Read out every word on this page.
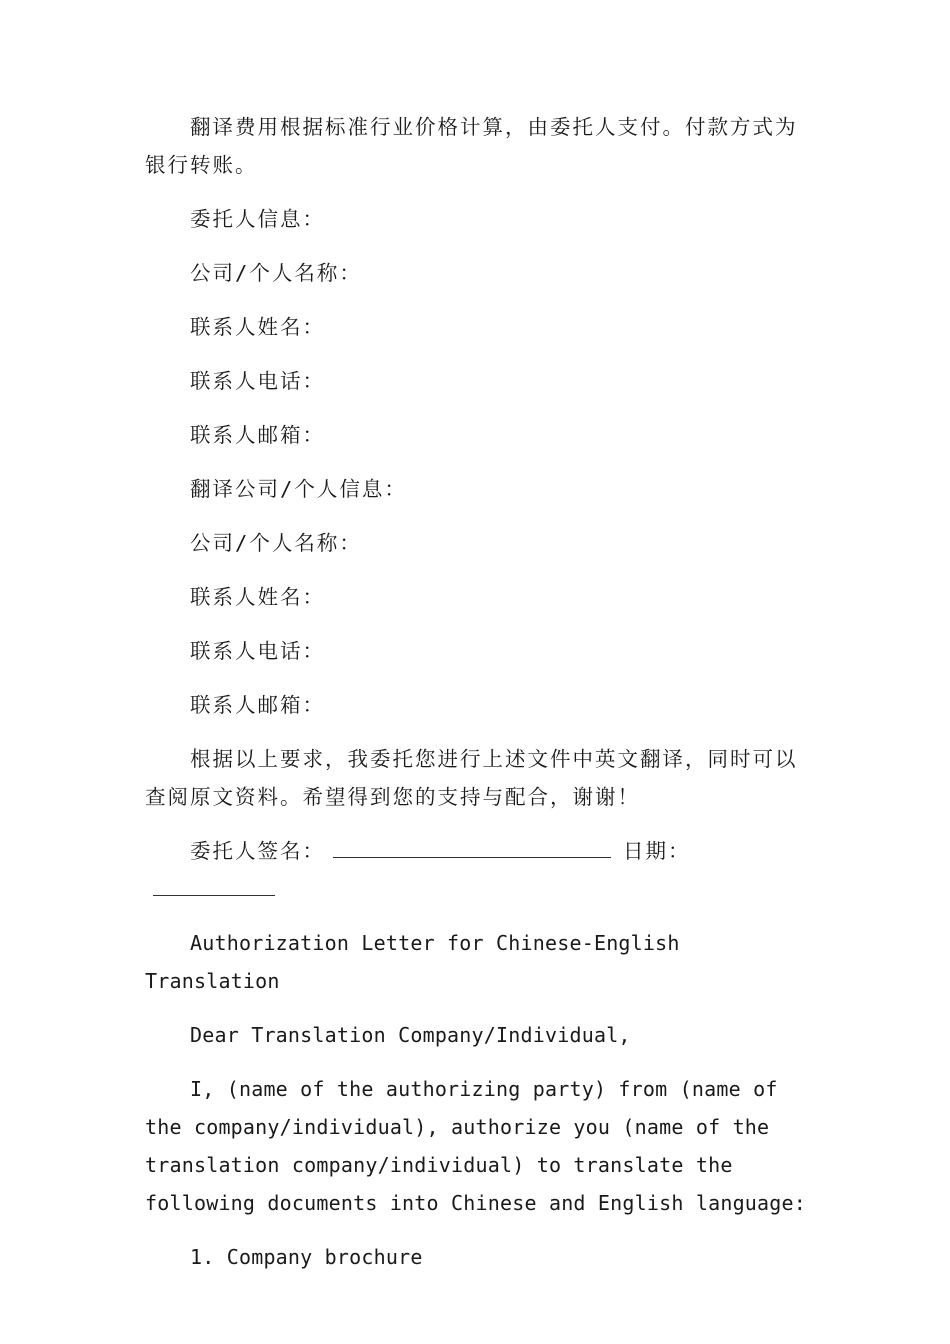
翻译费用根据标准行业价格计算，由委托人支付。付款方式为银行转账。

委托人信息：

公司/个人名称：

联系人姓名：

联系人电话：

联系人邮箱：

翻译公司/个人信息：

公司/个人名称：

联系人姓名：

联系人电话：

联系人邮箱：

根据以上要求，我委托您进行上述文件中英文翻译，同时可以查阅原文资料。希望得到您的支持与配合，谢谢！

委托人签名：	日期：

Authorization Letter for Chinese-English Translation

Dear Translation Company/Individual,

I, (name of the authorizing party) from (name of the company/individual), authorize you (name of the translation company/individual) to translate the following documents into Chinese and English language:

1. Company brochure
